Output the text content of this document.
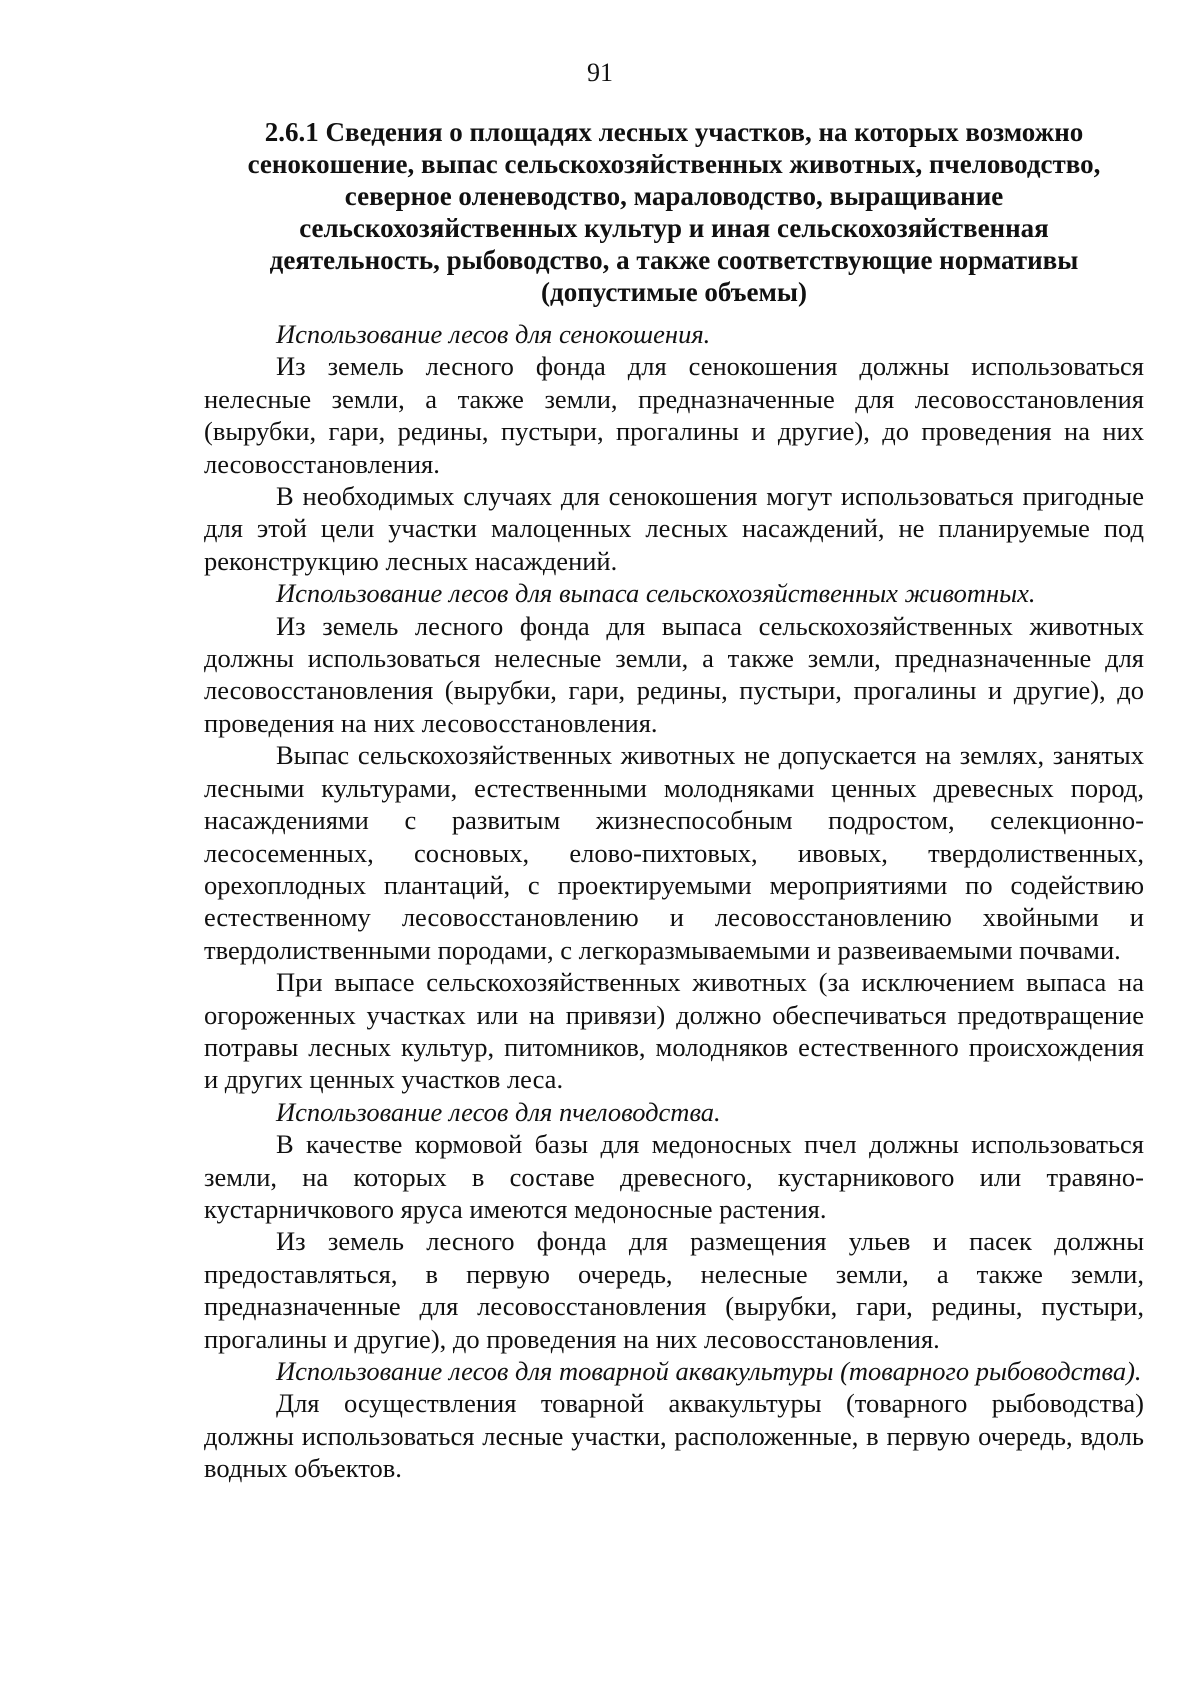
91
2.6.1 Сведения о площадях лесных участков, на которых возможно сенокошение, выпас сельскохозяйственных животных, пчеловодство, северное оленеводство, мараловодство, выращивание сельскохозяйственных культур и иная сельскохозяйственная деятельность, рыбоводство, а также соответствующие нормативы (допустимые объемы)

Использование лесов для сенокошения.

Из земель лесного фонда для сенокошения должны использоваться нелесные земли, а также земли, предназначенные для лесовосстановления (вырубки, гари, редины, пустыри, прогалины и другие), до проведения на них лесовосстановления.

В необходимых случаях для сенокошения могут использоваться пригодные для этой цели участки малоценных лесных насаждений, не планируемые под реконструкцию лесных насаждений.

Использование лесов для выпаса сельскохозяйственных животных.

Из земель лесного фонда для выпаса сельскохозяйственных животных должны использоваться нелесные земли, а также земли, предназначенные для лесовосстановления (вырубки, гари, редины, пустыри, прогалины и другие), до проведения на них лесовосстановления.

Выпас сельскохозяйственных животных не допускается на землях, занятых лесными культурами, естественными молодняками ценных древесных пород, насаждениями с развитым жизнеспособным подростом, селекционно-лесосеменных, сосновых, елово-пихтовых, ивовых, твердолиственных, орехоплодных плантаций, с проектируемыми мероприятиями по содействию естественному лесовосстановлению и лесовосстановлению хвойными и твердолиственными породами, с легкоразмываемыми и развеиваемыми почвами.

При выпасе сельскохозяйственных животных (за исключением выпаса на огороженных участках или на привязи) должно обеспечиваться предотвращение потравы лесных культур, питомников, молодняков естественного происхождения и других ценных участков леса.

Использование лесов для пчеловодства.

В качестве кормовой базы для медоносных пчел должны использоваться земли, на которых в составе древесного, кустарникового или травяно-кустарничкового яруса имеются медоносные растения.

Из земель лесного фонда для размещения ульев и пасек должны предоставляться, в первую очередь, нелесные земли, а также земли, предназначенные для лесовосстановления (вырубки, гари, редины, пустыри, прогалины и другие), до проведения на них лесовосстановления.

Использование лесов для товарной аквакультуры (товарного рыбоводства).

Для осуществления товарной аквакультуры (товарного рыбоводства) должны использоваться лесные участки, расположенные, в первую очередь, вдоль водных объектов.
